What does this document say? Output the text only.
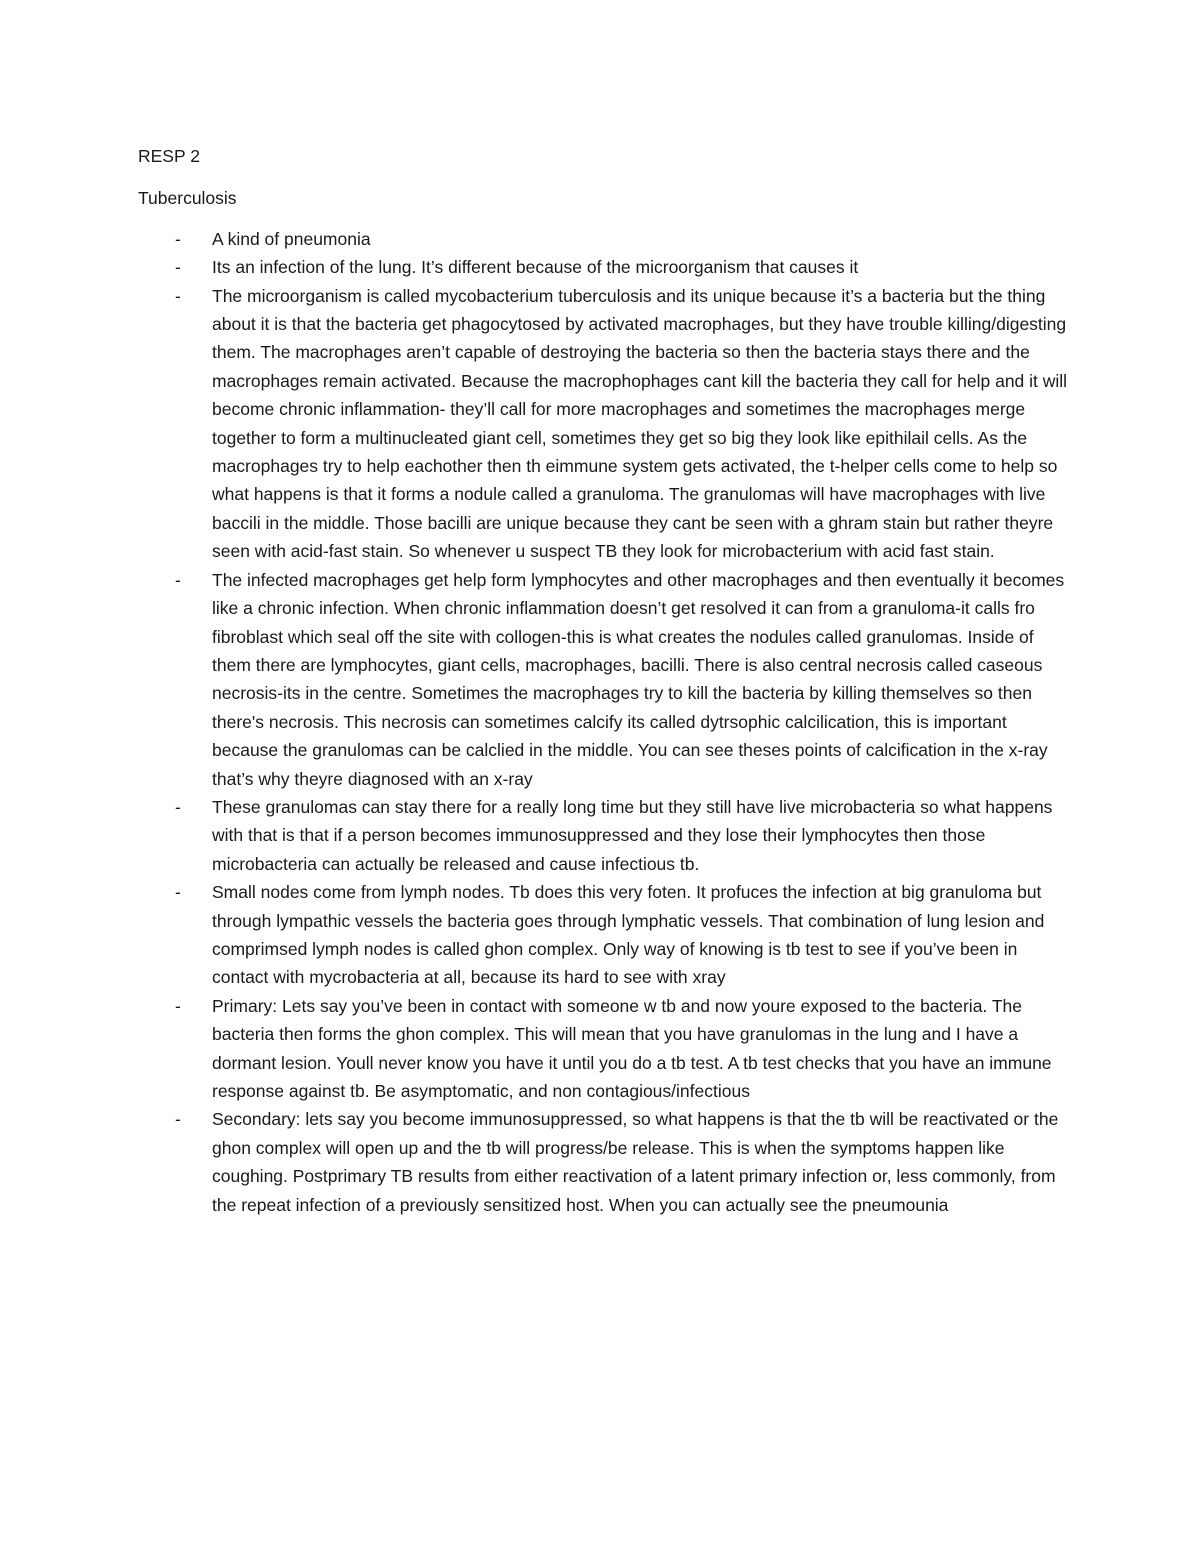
RESP 2

Tuberculosis

- A kind of pneumonia
- Its an infection of the lung. It’s different because of the microorganism that causes it
- The microorganism is called mycobacterium tuberculosis and its unique because it’s a bacteria but the thing about it is that the bacteria get phagocytosed by activated macrophages, but they have trouble killing/digesting them. The macrophages aren’t capable of destroying the bacteria so then the bacteria stays there and the macrophages remain activated. Because the macrophophages cant kill the bacteria they call for help and it will become chronic inflammation- they’ll call for more macrophages and sometimes the macrophages merge together to form a multinucleated giant cell, sometimes they get so big they look like epithilail cells. As the macrophages try to help eachother then th eimmune system gets activated, the t-helper cells come to help so what happens is that it forms a nodule called a granuloma. The granulomas will have macrophages with live baccili in the middle. Those bacilli are unique because they cant be seen with a ghram stain but rather theyre seen with acid-fast stain. So whenever u suspect TB they look for microbacterium with acid fast stain.
- The infected macrophages get help form lymphocytes and other macrophages and then eventually it becomes like a chronic infection. When chronic inflammation doesn’t get resolved it can from a granuloma-it calls fro fibroblast which seal off the site with collogen-this is what creates the nodules called granulomas. Inside of them there are lymphocytes, giant cells, macrophages, bacilli. There is also central necrosis called caseous necrosis-its in the centre. Sometimes the macrophages try to kill the bacteria by killing themselves so then there's necrosis. This necrosis can sometimes calcify its called dytrsophic calcilication, this is important because the granulomas can be calclied in the middle. You can see theses points of calcification in the x-ray that’s why theyre diagnosed with an x-ray
- These granulomas can stay there for a really long time but they still have live microbacteria so what happens with that is that if a person becomes immunosuppressed and they lose their lymphocytes then those microbacteria can actually be released and cause infectious tb.
- Small nodes come from lymph nodes. Tb does this very foten. It profuces the infection at big granuloma but through lympathic vessels the bacteria goes through lymphatic vessels. That combination of lung lesion and comprimsed lymph nodes is called ghon complex. Only way of knowing is tb test to see if you’ve been in contact with mycrobacteria at all, because its hard to see with xray
- Primary: Lets say you’ve been in contact with someone w tb and now youre exposed to the bacteria. The bacteria then forms the ghon complex. This will mean that you have granulomas in the lung and I have a dormant lesion. Youll never know you have it until you do a tb test. A tb test checks that you have an immune response against tb. Be asymptomatic, and non contagious/infectious
- Secondary: lets say you become immunosuppressed, so what happens is that the tb will be reactivated or the ghon complex will open up and the tb will progress/be release. This is when the symptoms happen like coughing. Postprimary TB results from either reactivation of a latent primary infection or, less commonly, from the repeat infection of a previously sensitized host. When you can actually see the pneumounia
